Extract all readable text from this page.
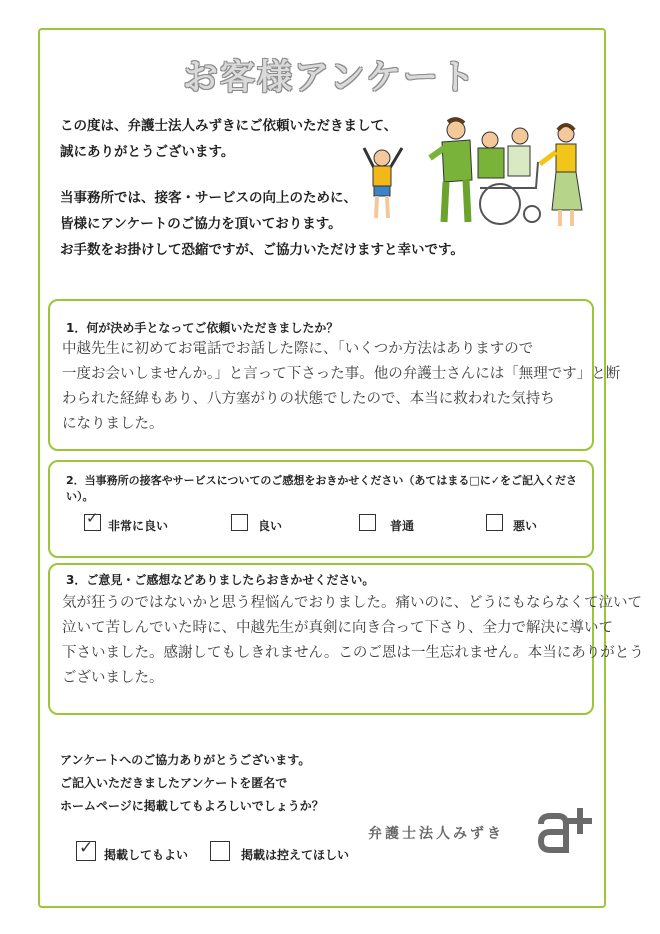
お客様アンケート
この度は、弁護士法人みずきにご依頼いただきまして、
誠にありがとうございます。
当事務所では、接客・サービスの向上のために、
皆様にアンケートのご協力を頂いております。
お手数をお掛けして恐縮ですが、ご協力いただけますと幸いです。
1．何が決め手となってご依頼いただきましたか？

中越先生に初めてお電話でお話した際に、「いくつか方法はありますので

一度お会いしませんか。」と言って下さった事。他の弁護士さんには「無理です」と断

わられた経緯もあり、八方塞がりの状態でしたので、本当に救われた気持ち

になりました。

2．当事務所の接客やサービスについてのご感想をおきかせください（あてはまる□に✓をご記入ください）。
✓ 非常に良い	良い	普通	悪い
3．ご意見・ご感想などありましたらおきかせください。

気が狂うのではないかと思う程悩んでおりました。痛いのに、どうにもならなくて泣いて

泣いて苦しんでいた時に、中越先生が真剣に向き合って下さり、全力で解決に導いて

下さいました。感謝してもしきれません。このご恩は一生忘れません。本当にありがとう

ございました。

アンケートへのご協力ありがとうございます。
ご記入いただきましたアンケートを匿名で
ホームページに掲載してもよろしいでしょうか？
✓ 掲載してもよい	掲載は控えてほしい
弁護士法人みずき
